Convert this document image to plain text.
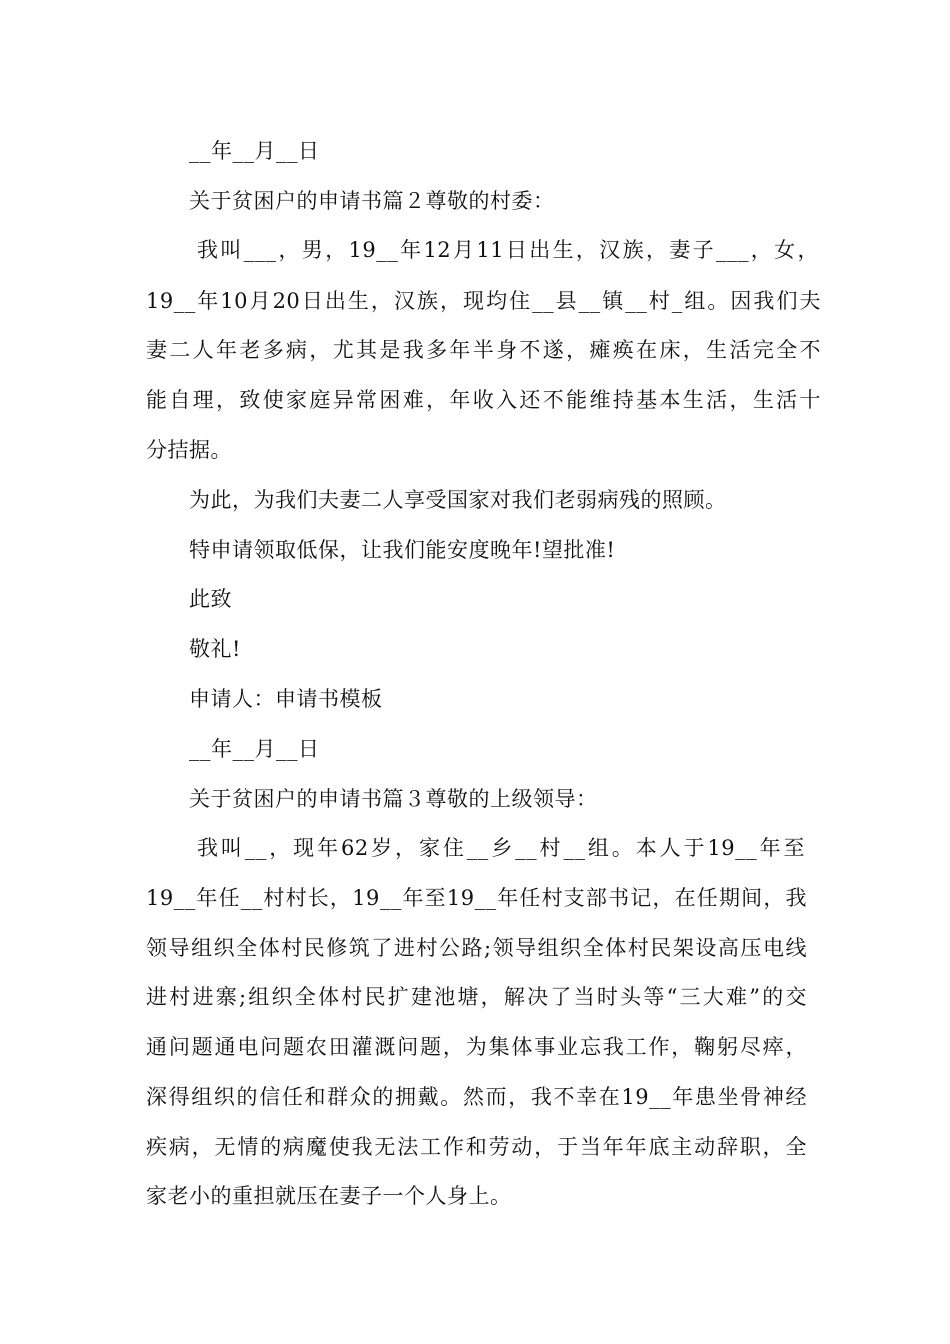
__年__月__日
关于贫困户的申请书篇２尊敬的村委：
我叫___，男，19__年12月11日出生，汉族，妻子___，女，
19__年10月20日出生，汉族，现均住__县__镇__村_组。因我们夫
妻二人年老多病，尤其是我多年半身不遂，瘫痪在床，生活完全不
能自理，致使家庭异常困难，年收入还不能维持基本生活，生活十
分拮据。
为此，为我们夫妻二人享受国家对我们老弱病残的照顾。
特申请领取低保，让我们能安度晚年!望批准!
此致
敬礼!
申请人：申请书模板
__年__月__日
关于贫困户的申请书篇３尊敬的上级领导：
我叫__，现年62岁，家住__乡__村__组。本人于19__年至
19__年任__村村长，19__年至19__年任村支部书记，在任期间，我
领导组织全体村民修筑了进村公路;领导组织全体村民架设高压电线
进村进寨;组织全体村民扩建池塘，解决了当时头等“三大难”的交
通问题通电问题农田灌溉问题，为集体事业忘我工作，鞠躬尽瘁，
深得组织的信任和群众的拥戴。然而，我不幸在19__年患坐骨神经
疾病，无情的病魔使我无法工作和劳动，于当年年底主动辞职，全
家老小的重担就压在妻子一个人身上。
